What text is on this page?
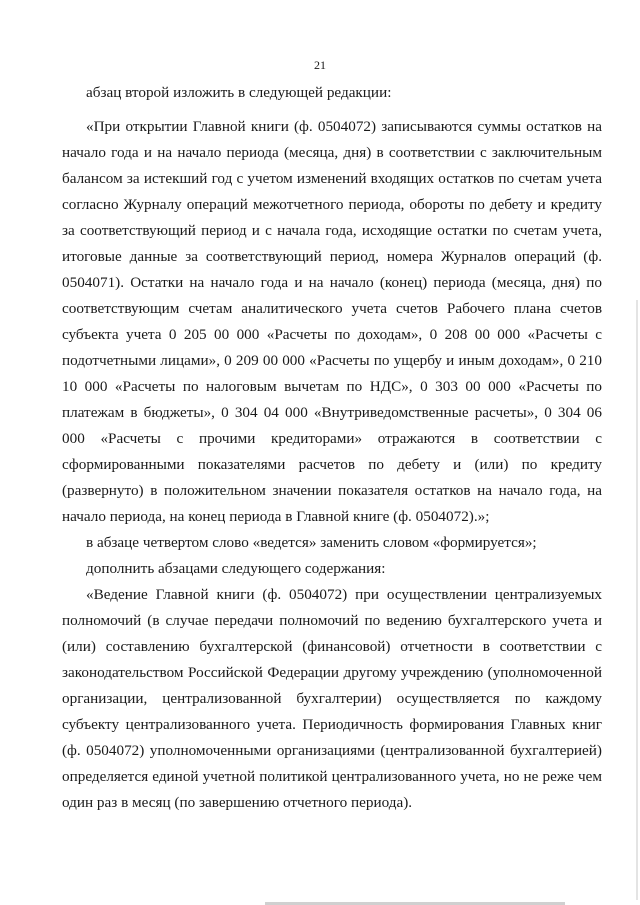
21

абзац второй изложить в следующей редакции:

«При открытии Главной книги (ф. 0504072) записываются суммы остатков на начало года и на начало периода (месяца, дня) в соответствии с заключительным балансом за истекший год с учетом изменений входящих остатков по счетам учета согласно Журналу операций межотчетного периода, обороты по дебету и кредиту за соответствующий период и с начала года, исходящие остатки по счетам учета, итоговые данные за соответствующий период, номера Журналов операций (ф. 0504071). Остатки на начало года и на начало (конец) периода (месяца, дня) по соответствующим счетам аналитического учета счетов Рабочего плана счетов субъекта учета 0 205 00 000 «Расчеты по доходам», 0 208 00 000 «Расчеты с подотчетными лицами», 0 209 00 000 «Расчеты по ущербу и иным доходам», 0 210 10 000 «Расчеты по налоговым вычетам по НДС», 0 303 00 000 «Расчеты по платежам в бюджеты», 0 304 04 000 «Внутриведомственные расчеты», 0 304 06 000 «Расчеты с прочими кредиторами» отражаются в соответствии с сформированными показателями расчетов по дебету и (или) по кредиту (развернуто) в положительном значении показателя остатков на начало года, на начало периода, на конец периода в Главной книге (ф. 0504072).»;

в абзаце четвертом слово «ведется» заменить словом «формируется»;

дополнить абзацами следующего содержания:

«Ведение Главной книги (ф. 0504072) при осуществлении централизуемых полномочий (в случае передачи полномочий по ведению бухгалтерского учета и (или) составлению бухгалтерской (финансовой) отчетности в соответствии с законодательством Российской Федерации другому учреждению (уполномоченной организации, централизованной бухгалтерии) осуществляется по каждому субъекту централизованного учета. Периодичность формирования Главных книг (ф. 0504072) уполномоченными организациями (централизованной бухгалтерией) определяется единой учетной политикой централизованного учета, но не реже чем один раз в месяц (по завершению отчетного периода).
